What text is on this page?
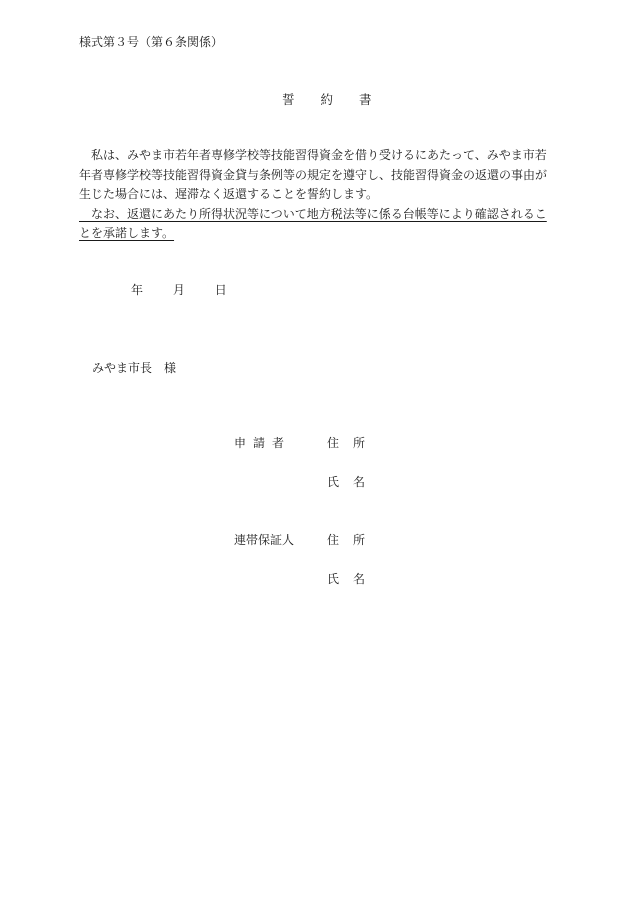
様式第３号（第６条関係）
誓 約 書
　私は、みやま市若年者専修学校等技能習得資金を借り受けるにあたって、みやま市若
年者専修学校等技能習得資金貸与条例等の規定を遵守し、技能習得資金の返還の事由が
生じた場合には、遅滞なく返還することを誓約します。
　なお、返還にあたり所得状況等について地方税法等に係る台帳等により確認されるこ
とを承諾します。
年 月 日
みやま市長 様
申請者	住 所
氏 名
連帯保証人	住 所
氏 名
